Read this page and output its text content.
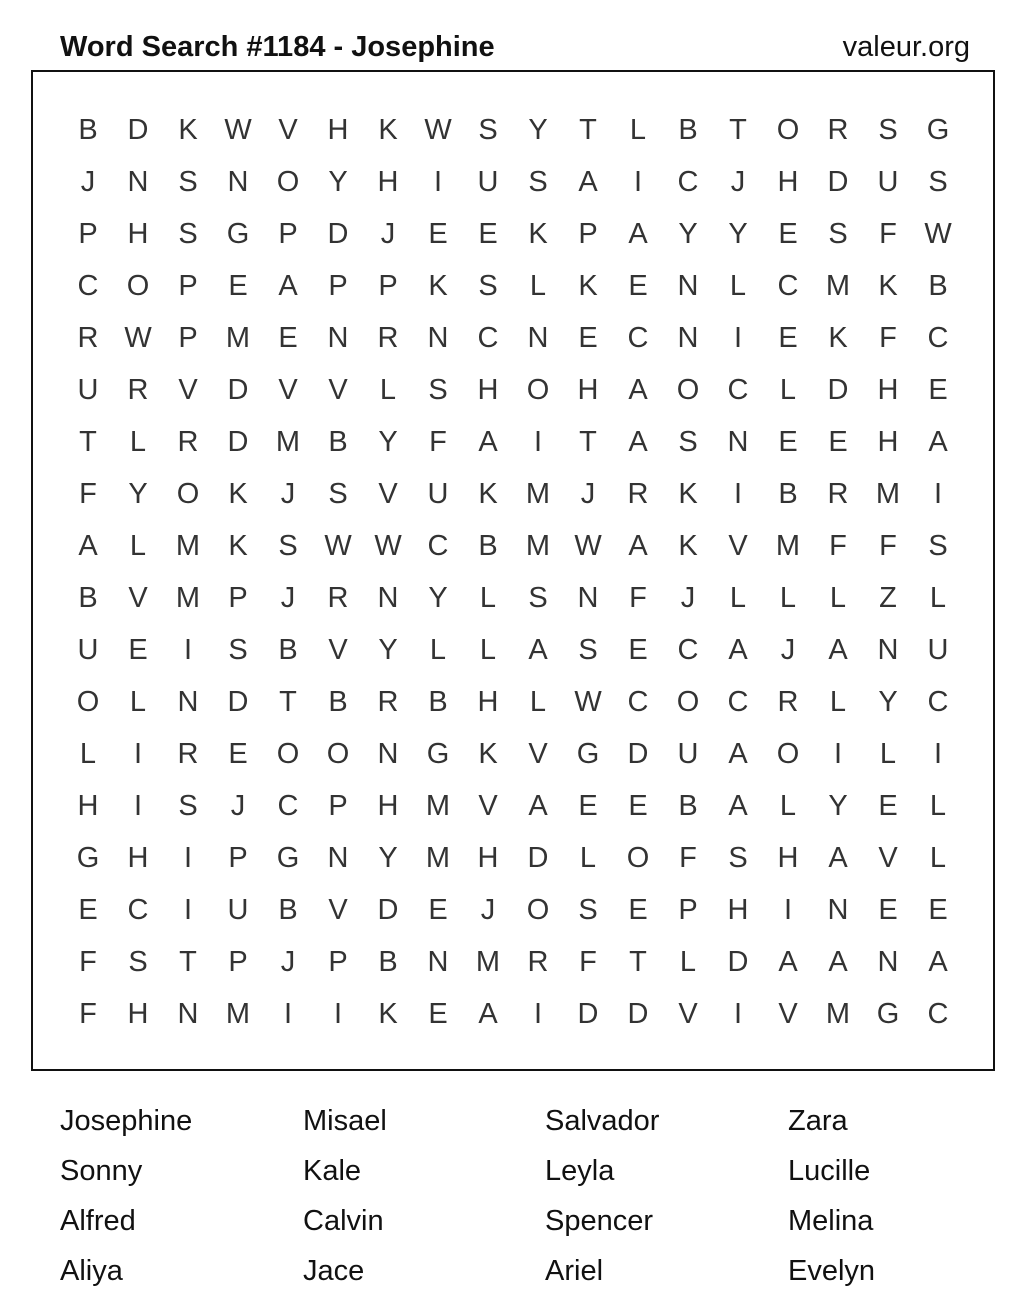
Word Search #1184 - Josephine	valeur.org
B	D	K W V	H	K W S	Y	T	L	B	T	O R	S	G
J	N	S	N O	Y	H	I	U	S	A	I	C	J	H	D	U	S
P	H	S	G	P	D	J	E	E	K	P	A	Y	Y	E	S	F W
C O	P	E	A	P	P	K	S	L	K	E	N	L	C M K	B
R W P M E	N	R	N	C	N	E	C	N	I	E	K	F	C
U	R	V	D	V	V	L	S	H O H	A	O C	L	D	H	E
T	L	R	D M B	Y	F	A	I	T	A	S	N	E	E	H	A
F	Y	O	K	J	S	V	U	K M	J	R	K	I	B	R M	I
A	L	M K	S W W C	B M W A	K	V M	F	F	S
B	V M P	J	R	N	Y	L	S	N	F	J	L	L	L	Z	L
U	E	I	S	B	V	Y	L	L	A	S	E	C	A	J	A	N	U
O	L	N	D	T	B	R	B	H	L W C O C	R	L	Y	C
L	I	R	E	O O N G	K	V	G D	U	A	O	I	L	I
H	I	S	J	C	P	H M V	A	E	E	B	A	L	Y	E	L
G H	I	P	G N	Y M H	D	L	O	F	S	H	A	V	L
E	C	I	U	B	V	D	E	J	O	S	E	P	H	I	N	E	E
F	S	T	P	J	P	B	N M R	F	T	L	D	A	A	N	A
F	H	N M	I	I	K	E	A	I	D	D	V	I	V M G C
Josephine	Misael	Salvador	Zara
Sonny	Kale	Leyla	Lucille
Alfred	Calvin	Spencer	Melina
Aliya	Jace	Ariel	Evelyn
